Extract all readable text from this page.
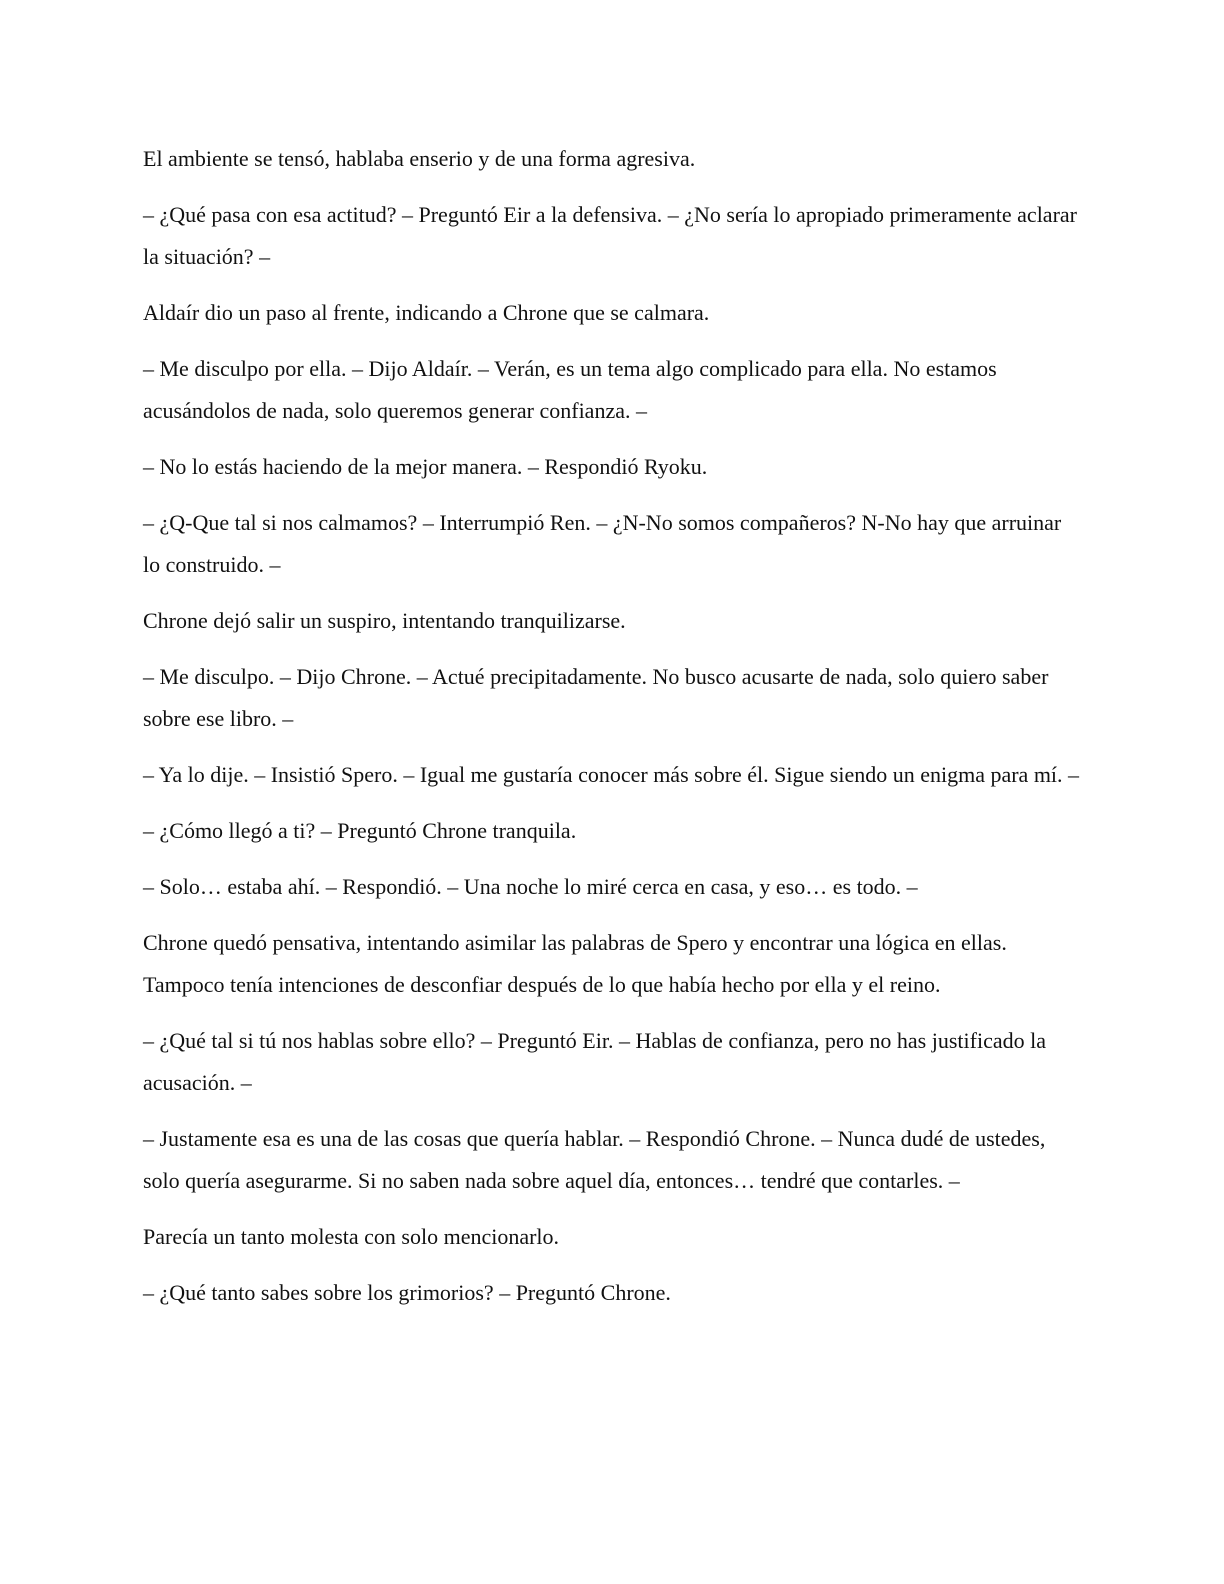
El ambiente se tensó, hablaba enserio y de una forma agresiva.

– ¿Qué pasa con esa actitud? – Preguntó Eir a la defensiva. – ¿No sería lo apropiado primeramente aclarar la situación? –

Aldaír dio un paso al frente, indicando a Chrone que se calmara.

– Me disculpo por ella. – Dijo Aldaír. – Verán, es un tema algo complicado para ella. No estamos acusándolos de nada, solo queremos generar confianza. –

– No lo estás haciendo de la mejor manera. – Respondió Ryoku.

– ¿Q-Que tal si nos calmamos? – Interrumpió Ren. – ¿N-No somos compañeros? N-No hay que arruinar lo construido. –

Chrone dejó salir un suspiro, intentando tranquilizarse.

– Me disculpo. – Dijo Chrone. – Actué precipitadamente. No busco acusarte de nada, solo quiero saber sobre ese libro. –

– Ya lo dije. – Insistió Spero. – Igual me gustaría conocer más sobre él. Sigue siendo un enigma para mí. –

– ¿Cómo llegó a ti? – Preguntó Chrone tranquila.

– Solo… estaba ahí. – Respondió. – Una noche lo miré cerca en casa, y eso… es todo. –

Chrone quedó pensativa, intentando asimilar las palabras de Spero y encontrar una lógica en ellas. Tampoco tenía intenciones de desconfiar después de lo que había hecho por ella y el reino.

– ¿Qué tal si tú nos hablas sobre ello? – Preguntó Eir. – Hablas de confianza, pero no has justificado la acusación. –

– Justamente esa es una de las cosas que quería hablar. – Respondió Chrone. – Nunca dudé de ustedes, solo quería asegurarme. Si no saben nada sobre aquel día, entonces… tendré que contarles. –

Parecía un tanto molesta con solo mencionarlo.

– ¿Qué tanto sabes sobre los grimorios? – Preguntó Chrone.
